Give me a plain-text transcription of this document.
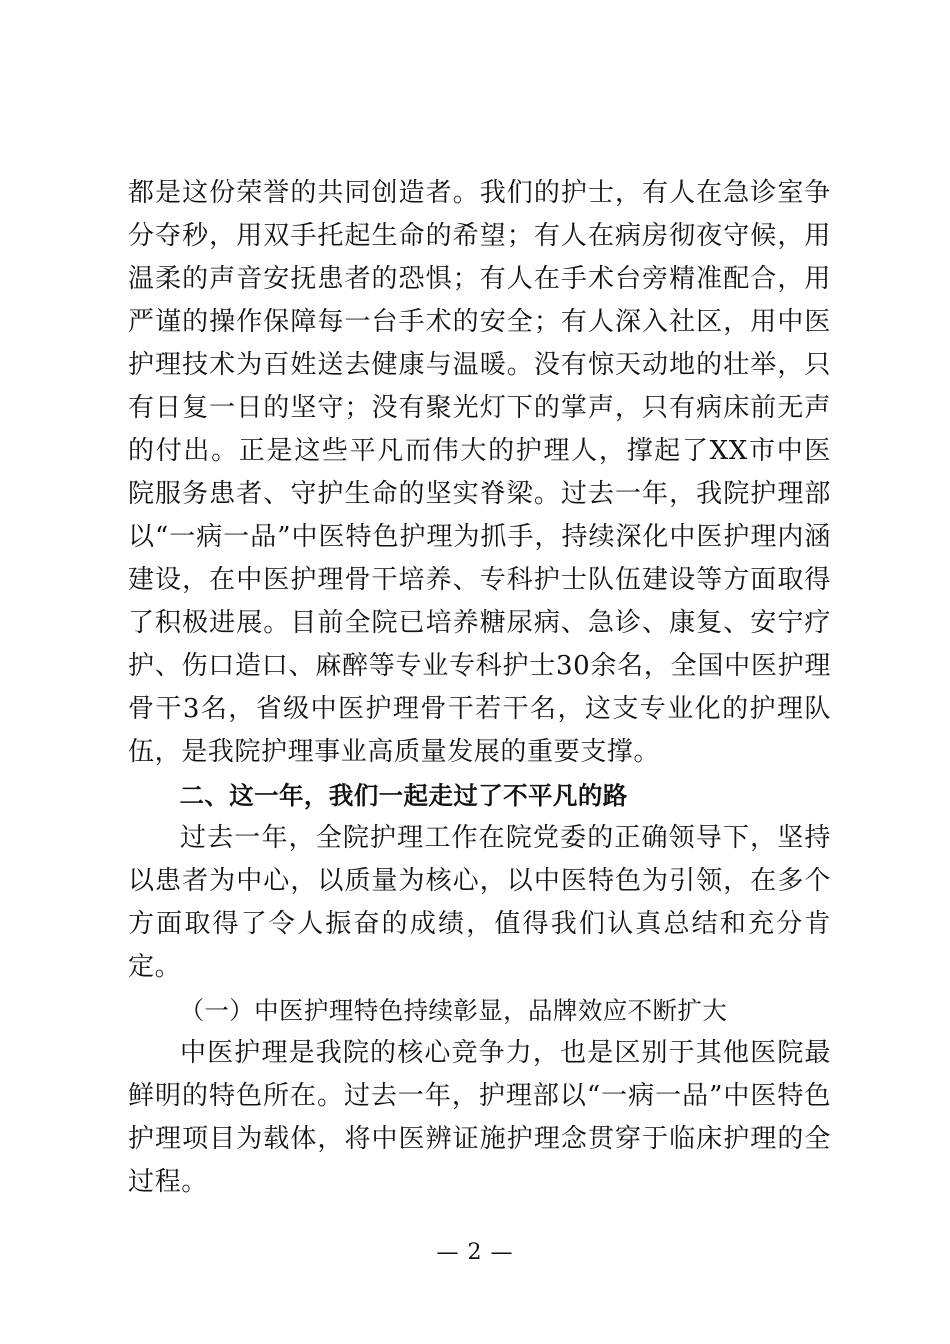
都是这份荣誉的共同创造者。我们的护士，有人在急诊室争分夺秒，用双手托起生命的希望；有人在病房彻夜守候，用温柔的声音安抚患者的恐惧；有人在手术台旁精准配合，用严谨的操作保障每一台手术的安全；有人深入社区，用中医护理技术为百姓送去健康与温暖。没有惊天动地的壮举，只有日复一日的坚守；没有聚光灯下的掌声，只有病床前无声的付出。正是这些平凡而伟大的护理人，撑起了XX市中医院服务患者、守护生命的坚实脊梁。过去一年，我院护理部以“一病一品”中医特色护理为抓手，持续深化中医护理内涵建设，在中医护理骨干培养、专科护士队伍建设等方面取得了积极进展。目前全院已培养糖尿病、急诊、康复、安宁疗护、伤口造口、麻醉等专业专科护士30余名，全国中医护理骨干3名，省级中医护理骨干若干名，这支专业化的护理队伍，是我院护理事业高质量发展的重要支撑。

二、这一年，我们一起走过了不平凡的路

过去一年，全院护理工作在院党委的正确领导下，坚持以患者为中心，以质量为核心，以中医特色为引领，在多个方面取得了令人振奋的成绩，值得我们认真总结和充分肯定。

（一）中医护理特色持续彰显，品牌效应不断扩大

中医护理是我院的核心竞争力，也是区别于其他医院最鲜明的特色所在。过去一年，护理部以“一病一品”中医特色护理项目为载体，将中医辨证施护理念贯穿于临床护理的全过程。

— 2 —
